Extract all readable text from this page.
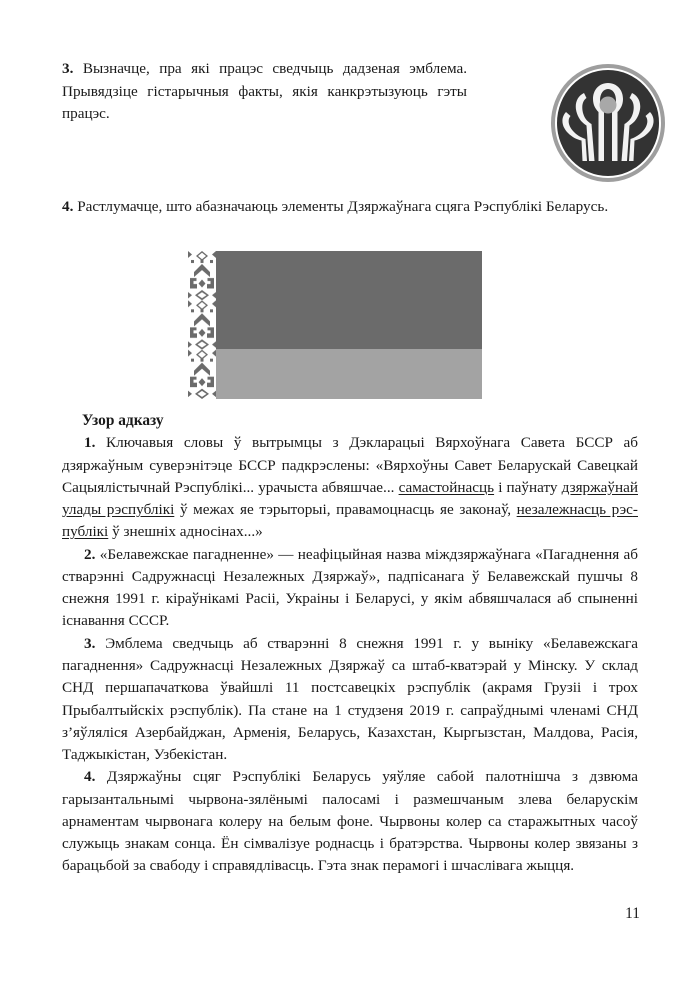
3. Вызначце, пра які працэс сведчыць дадзеная эмблема. Прывядзіце гістарычныя факты, якія канкрэтызуюць гэты працэс.
4. Растлумачце, што абазначаюць элементы Дзяржаўнага сцяга Рэспублікі Беларусь.
Узор адказу

1. Ключавыя словы ў вытрымцы з Дэкларацыі Вярхоўнага Савета БССР аб дзяржаўным суверэнітэце БССР падкрэслены: «Вярхоўны Савет Беларускай Савецкай Сацыялістычнай Рэспублікі... урачыста абвяшчае... самастойнасць і паўнату дзяржаўнай улады рэспублікі ў межах яе тэрыторыі, правамоцнасць яе законаў, незалежнасць рэспублікі ў знешніх адносінах...»

2. «Белавежскае пагадненне» — неафіцыйная назва міждзяржаўнага «Пагаднення аб стварэнні Садружнасці Незалежных Дзяржаў», падпісанага ў Белавежскай пушчы 8 снежня 1991 г. кіраўнікамі Расіі, Украіны і Беларусі, у якім абвяшчалася аб спыненні існавання СССР.

3. Эмблема сведчыць аб стварэнні 8 снежня 1991 г. у выніку «Белавежскага пагаднення» Садружнасці Незалежных Дзяржаў са штаб-кватэрай у Мінску. У склад СНД першапачаткова ўвайшлі 11 постсавецкіх рэспублік (акрамя Грузіі і трох Прыбалтыйскіх рэспублік). Па стане на 1 студзеня 2019 г. сапраўднымі членамі СНД з’яўляліся Азербайджан, Арменія, Беларусь, Казахстан, Кыргызстан, Малдова, Расія, Таджыкістан, Узбекістан.

4. Дзяржаўны сцяг Рэспублікі Беларусь уяўляе сабой палотнішча з дзвюма гарызантальнымі чырвона-зялёнымі палосамі і размешчаным злева беларускім арнаментам чырвонага колеру на белым фоне. Чырвоны колер са старажытных часоў служыць знакам сонца. Ён сімвалізуе роднасць і братэрства. Чырвоны колер звязаны з барацьбой за свабоду і справядлівасць. Гэта знак перамогі і шчаслівага жыцця.

11
